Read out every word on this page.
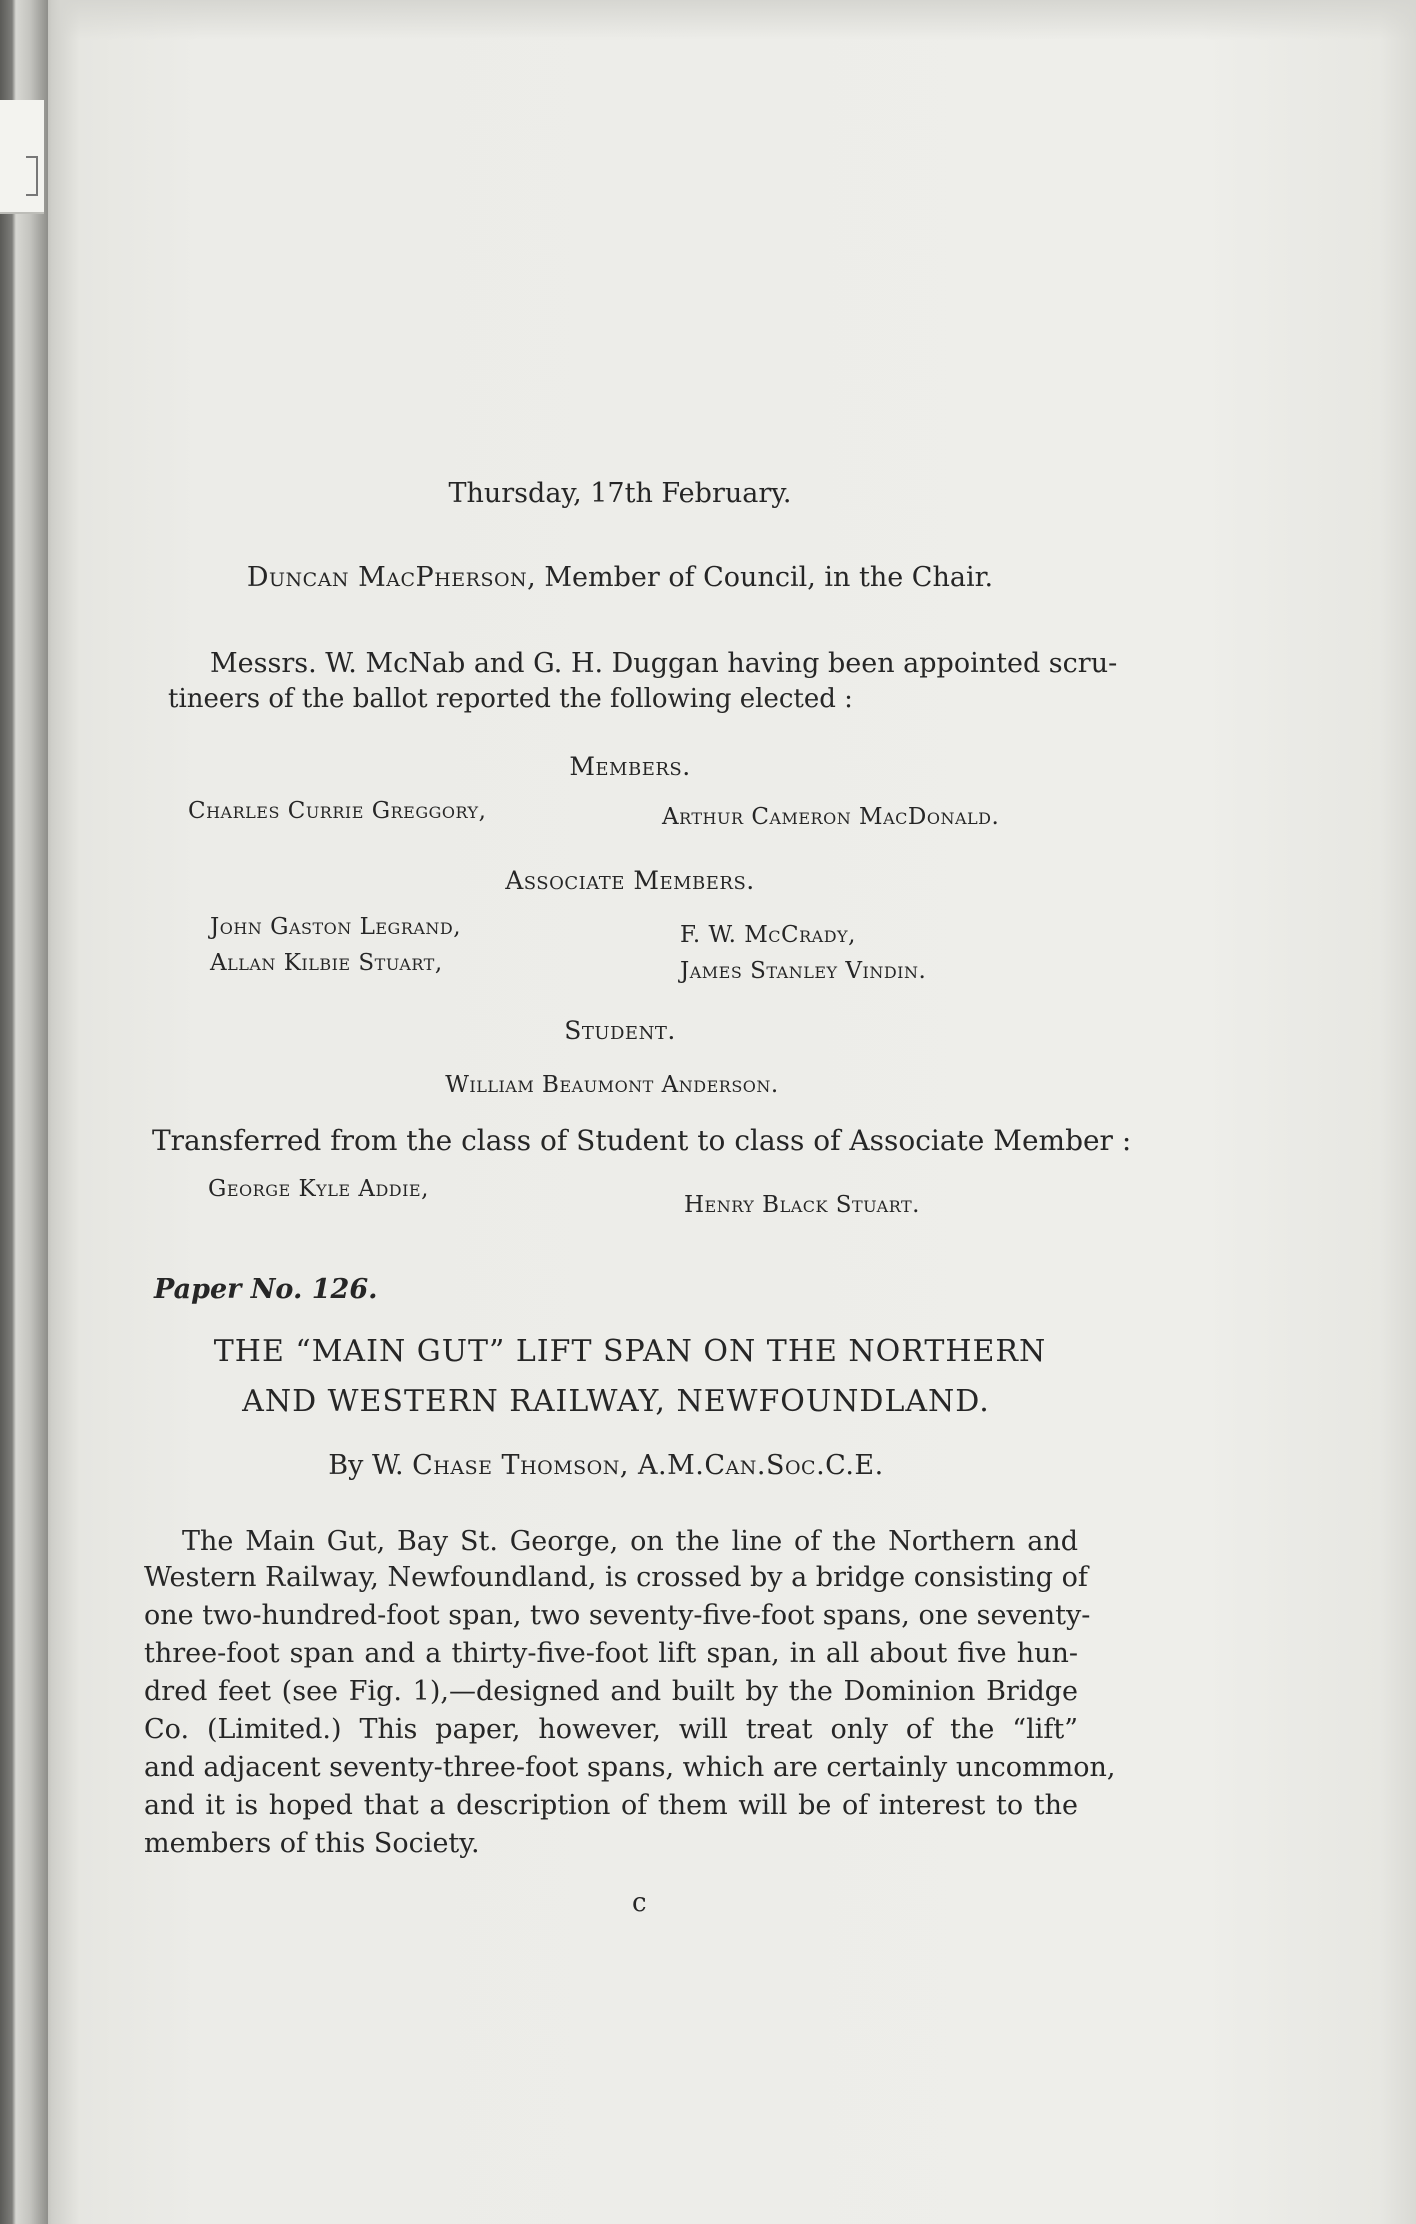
Thursday, 17th February.
Duncan MacPherson, Member of Council, in the Chair.
Messrs. W. McNab and G. H. Duggan having been appointed scru-
tineers of the ballot reported the following elected :
Members.
Charles Currie Greggory,	Arthur Cameron MacDonald.
Associate Members.
John Gaston Legrand,
Allan Kilbie Stuart,
F. W. McCrady,
James Stanley Vindin.
Student.
William Beaumont Anderson.
Transferred from the class of Student to class of Associate Member :
George Kyle Addie,
Henry Black Stuart.
Paper No. 126.
THE “MAIN GUT” LIFT SPAN ON THE NORTHERN
AND WESTERN RAILWAY, NEWFOUNDLAND.
By W. Chase Thomson, A.M.Can.Soc.C.E.
The Main Gut, Bay St. George, on the line of the Northern and
Western Railway, Newfoundland, is crossed by a bridge consisting of
one two-hundred-foot span, two seventy-five-foot spans, one seventy-
three-foot span and a thirty-five-foot lift span, in all about five hun-
dred feet (see Fig. 1),—designed and built by the Dominion Bridge
Co. (Limited.) This paper, however, will treat only of the “lift”
and adjacent seventy-three-foot spans, which are certainly uncommon,
and it is hoped that a description of them will be of interest to the
members of this Society.
c
